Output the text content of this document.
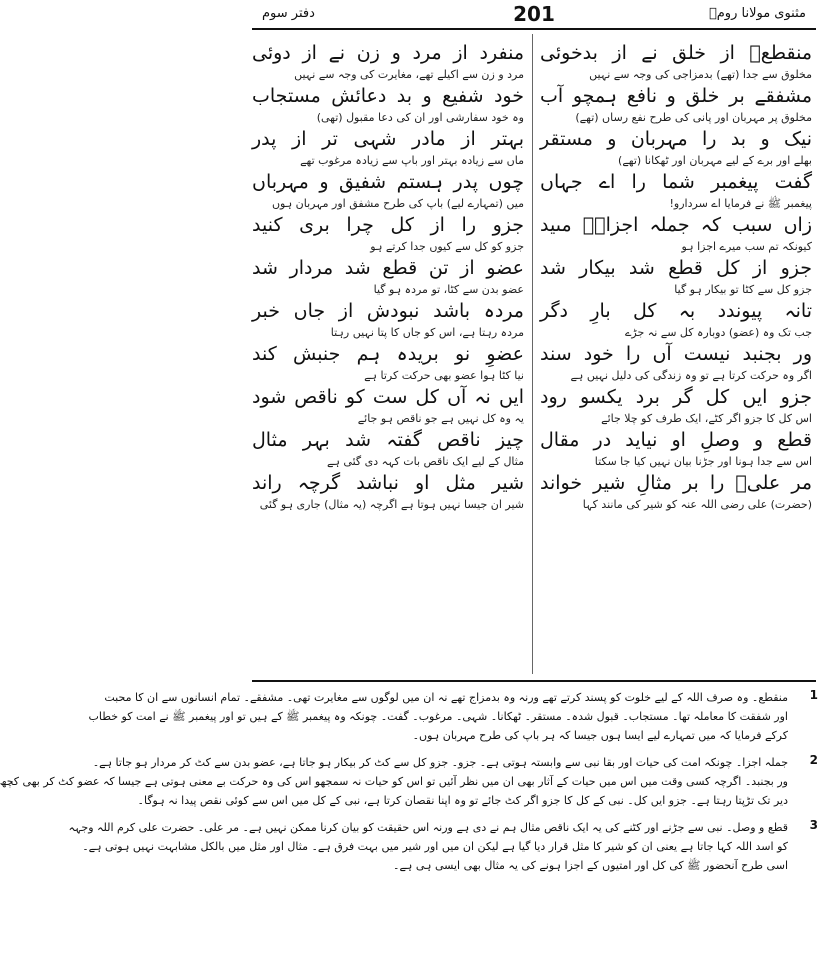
مثنوی مولانا رومؒ
201
دفتر سوم
منقطعؓ از خلق نے از بدخوئی
مخلوق سے جدا (تھے) بدمزاجی کی وجہ سے نہیں
مشفقے بر خلق و نافع ہمچو آب
مخلوق پر مہربان اور پانی کی طرح نفع رساں (تھے)
نیک و بد را مہربان و مستقر
بھلے اور برے کے لیے مہربان اور ٹھکانا (تھے)
گفت پیغمبر شما را اے جہاں
پیغمبر ﷺ نے فرمایا اے سردارو!
زاں سبب کہ جملہ اجزاےؑ مںید
کیونکہ تم سب میرے اجزا ہو
جزو از کل قطع شد بیکار شد
جزو کل سے کٹا تو بیکار ہو گیا
تانہ پیوندد بہ کل بارِ دگر
جب تک وہ (عضو) دوبارہ کل سے نہ جڑے
ور بجنبد نیست آں را خود سند
اگر وہ حرکت کرتا ہے تو وہ زندگی کی دلیل نہیں ہے
جزو ایں کل گر برد یکسو رود
اس کل کا جزو اگر کٹے، ایک طرف کو چلا جائے
قطع و وصلِ او نیاید در مقال
اس سے جدا ہونا اور جڑنا بیان نہیں کیا جا سکتا
مر علیؓ را بر مثالِ شیر خواند
(حضرت) علی رضی اللہ عنہ کو شیر کی مانند کہا
منفرد از مرد و زن نے از دوئی
مرد و زن سے اکیلے تھے، مغایرت کی وجہ سے نہیں
خود شفیع و بد دعائش مستجاب
وہ خود سفارشی اور ان کی دعا مقبول (تھی)
بہتر از مادر شہی تر از پدر
ماں سے زیادہ بہتر اور باپ سے زیادہ مرغوب تھے
چوں پدر ہستم شفیق و مہرباں
میں (تمہارے لیے) باپ کی طرح مشفق اور مہربان ہوں
جزو را از کل چرا بری کنید
جزو کو کل سے کیوں جدا کرتے ہو
عضو از تن قطع شد مردار شد
عضو بدن سے کٹا، تو مردہ ہو گیا
مردہ باشد نبودش از جاں خبر
مردہ رہتا ہے، اس کو جاں کا پتا نہیں رہتا
عضوِ نو بریدہ ہم جنبش کند
نیا کٹا ہوا عضو بھی حرکت کرتا ہے
ایں نہ آں کل ست کو ناقص شود
یہ وہ کل نہیں ہے جو ناقص ہو جائے
چیز ناقص گفتہ شد بہر مثال
مثال کے لیے ایک ناقص بات کہہ دی گئی ہے
شیر مثل او نباشد گرچہ راند
شیر ان جیسا نہیں ہوتا ہے اگرچہ (یہ مثال) جاری ہو گئی
1
منقطع۔ وہ صرف اللہ کے لیے خلوت کو پسند کرتے تھے ورنہ وہ بدمزاج تھے نہ ان میں لوگوں سے مغایرت تھی۔ مشفقے۔ تمام انسانوں سے ان کا محبت
اور شفقت کا معاملہ تھا۔ مستجاب۔ قبول شدہ۔ مستقر۔ ٹھکانا۔ شہی۔ مرغوب۔ گفت۔ چونکہ وہ پیغمبر ﷺ کے ہیں تو اور پیغمبر ﷺ نے امت کو خطاب
کرکے فرمایا کہ میں تمہارے لیے ایسا ہوں جیسا کہ ہر باپ کی طرح مہربان ہوں۔
2
جملہ اجزا۔ چونکہ امت کی حیات اور بقا نبی سے وابستہ ہوتی ہے۔ جزو۔ جزو کل سے کٹ کر بیکار ہو جاتا ہے، عضو بدن سے کٹ کر مردار ہو جاتا ہے۔
ور بجنبد۔ اگرچہ کسی وقت میں اس میں حیات کے آثار بھی ان میں نظر آئیں تو اس کو حیات نہ سمجھو اس کی وہ حرکت بے معنی ہوتی ہے جیسا کہ عضو کٹ کر بھی کچھ
دیر تک تڑپتا رہتا ہے۔ جزو ایں کل۔ نبی کے کل کا جزو اگر کٹ جائے تو وہ اپنا نقصان کرتا ہے، نبی کے کل میں اس سے کوئی نقص پیدا نہ ہوگا۔
3
قطع و وصل۔ نبی سے جڑنے اور کٹنے کی یہ ایک ناقص مثال ہم نے دی ہے ورنہ اس حقیقت کو بیان کرنا ممکن نہیں ہے۔ مر علی۔ حضرت علی کرم اللہ وجہہ
کو اسد اللہ کہا جاتا ہے یعنی ان کو شیر کا مثل قرار دیا گیا ہے لیکن ان میں اور شیر میں بہت فرق ہے۔ مثال اور مثل میں بالکل مشابہت نہیں ہوتی ہے۔
اسی طرح آنحضور ﷺ کی کل اور امتیوں کے اجزا ہونے کی یہ مثال بھی ایسی ہی ہے۔
